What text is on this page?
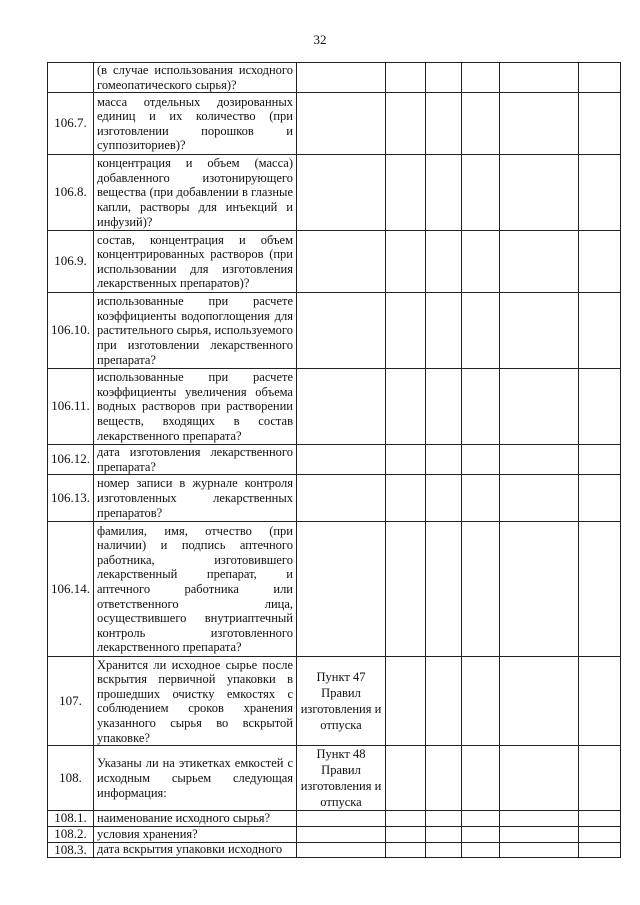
32
	(в случае использования исходного гомеопатического сырья)?						
106.7.	масса отдельных дозированных единиц и их количество (при изготовлении порошков и суппозиториев)?						
106.8.	концентрация и объем (масса) добавленного изотонирующего вещества (при добавлении в глазные капли, растворы для инъекций и инфузий)?						
106.9.	состав, концентрация и объем концентрированных растворов (при использовании для изготовления лекарственных препаратов)?						
106.10.	использованные при расчете коэффициенты водопоглощения для растительного сырья, используемого при изготовлении лекарственного препарата?						
106.11.	использованные при расчете коэффициенты увеличения объема водных растворов при растворении веществ, входящих в состав лекарственного препарата?						
106.12.	дата изготовления лекарственного препарата?						
106.13.	номер записи в журнале контроля изготовленных лекарственных препаратов?						
106.14.	фамилия, имя, отчество (при наличии) и подпись аптечного работника, изготовившего лекарственный препарат, и аптечного работника или ответственного лица, осуществившего внутриаптечный контроль изготовленного лекарственного препарата?						
107.	Хранится ли исходное сырье после вскрытия первичной упаковки в прошедших очистку емкостях с соблюдением сроков хранения указанного сырья во вскрытой упаковке?	Пункт 47 Правил изготовления и отпуска					
108.	Указаны ли на этикетках емкостей с исходным сырьем следующая информация:	Пункт 48 Правил изготовления и отпуска					
108.1.	наименование исходного сырья?						
108.2.	условия хранения?						
108.3.	дата вскрытия упаковки исходного						
